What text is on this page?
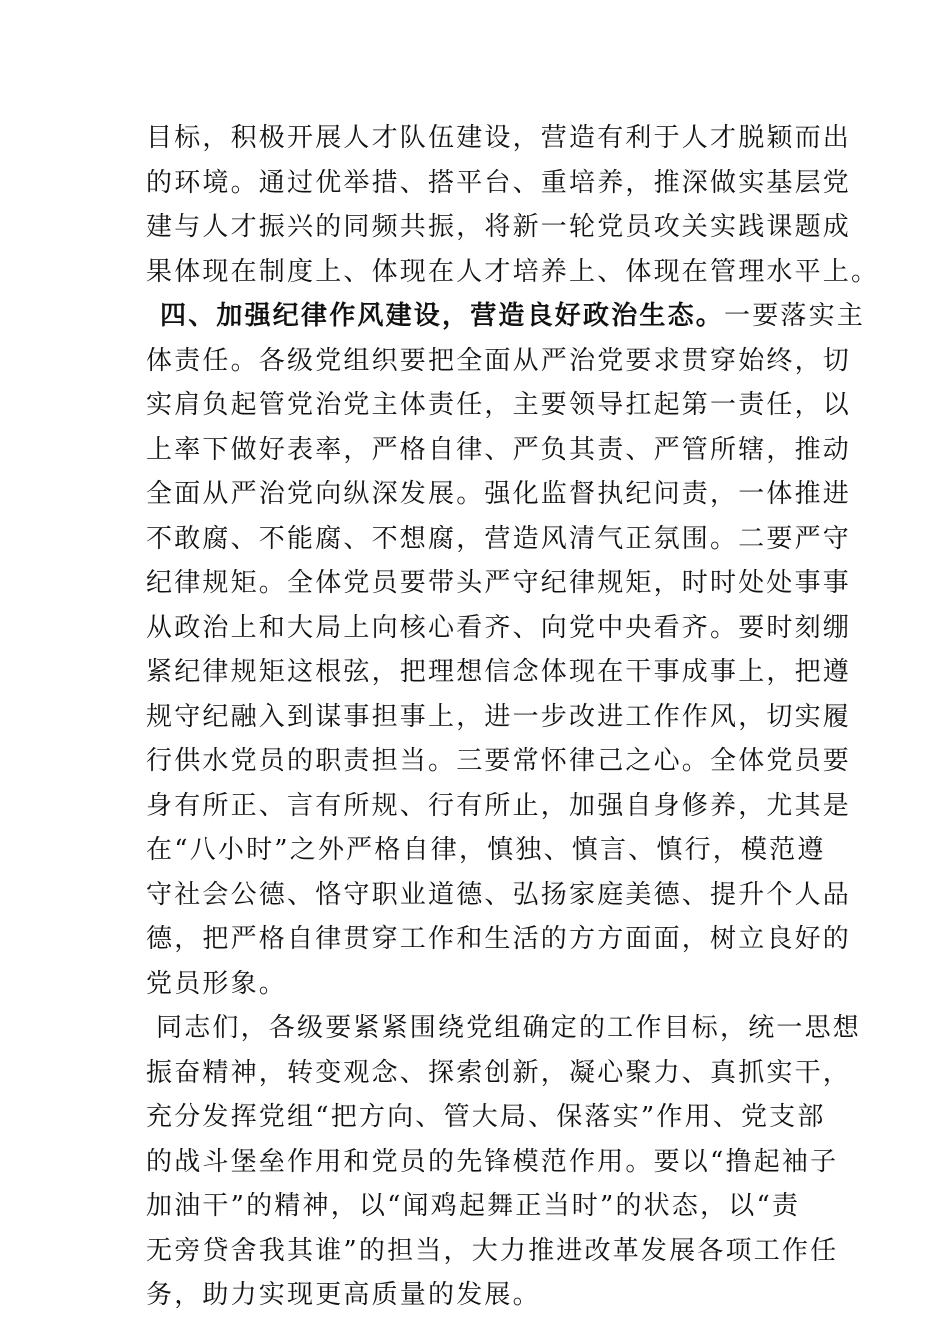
目标，积极开展人才队伍建设，营造有利于人才脱颖而出
的环境。通过优举措、搭平台、重培养，推深做实基层党
建与人才振兴的同频共振，将新一轮党员攻关实践课题成
果体现在制度上、体现在人才培养上、体现在管理水平上。
四、加强纪律作风建设，营造良好政治生态。一要落实主
体责任。各级党组织要把全面从严治党要求贯穿始终，切
实肩负起管党治党主体责任，主要领导扛起第一责任，以
上率下做好表率，严格自律、严负其责、严管所辖，推动
全面从严治党向纵深发展。强化监督执纪问责，一体推进
不敢腐、不能腐、不想腐，营造风清气正氛围。二要严守
纪律规矩。全体党员要带头严守纪律规矩，时时处处事事
从政治上和大局上向核心看齐、向党中央看齐。要时刻绷
紧纪律规矩这根弦，把理想信念体现在干事成事上，把遵
规守纪融入到谋事担事上，进一步改进工作作风，切实履
行供水党员的职责担当。三要常怀律己之心。全体党员要
身有所正、言有所规、行有所止，加强自身修养，尤其是
在“八小时”之外严格自律，慎独、慎言、慎行，模范遵
守社会公德、恪守职业道德、弘扬家庭美德、提升个人品
德，把严格自律贯穿工作和生活的方方面面，树立良好的
党员形象。
同志们，各级要紧紧围绕党组确定的工作目标，统一思想
振奋精神，转变观念、探索创新，凝心聚力、真抓实干，
充分发挥党组“把方向、管大局、保落实”作用、党支部
的战斗堡垒作用和党员的先锋模范作用。要以“撸起袖子
加油干”的精神，以“闻鸡起舞正当时”的状态，以“责
无旁贷舍我其谁”的担当，大力推进改革发展各项工作任
务，助力实现更高质量的发展。
